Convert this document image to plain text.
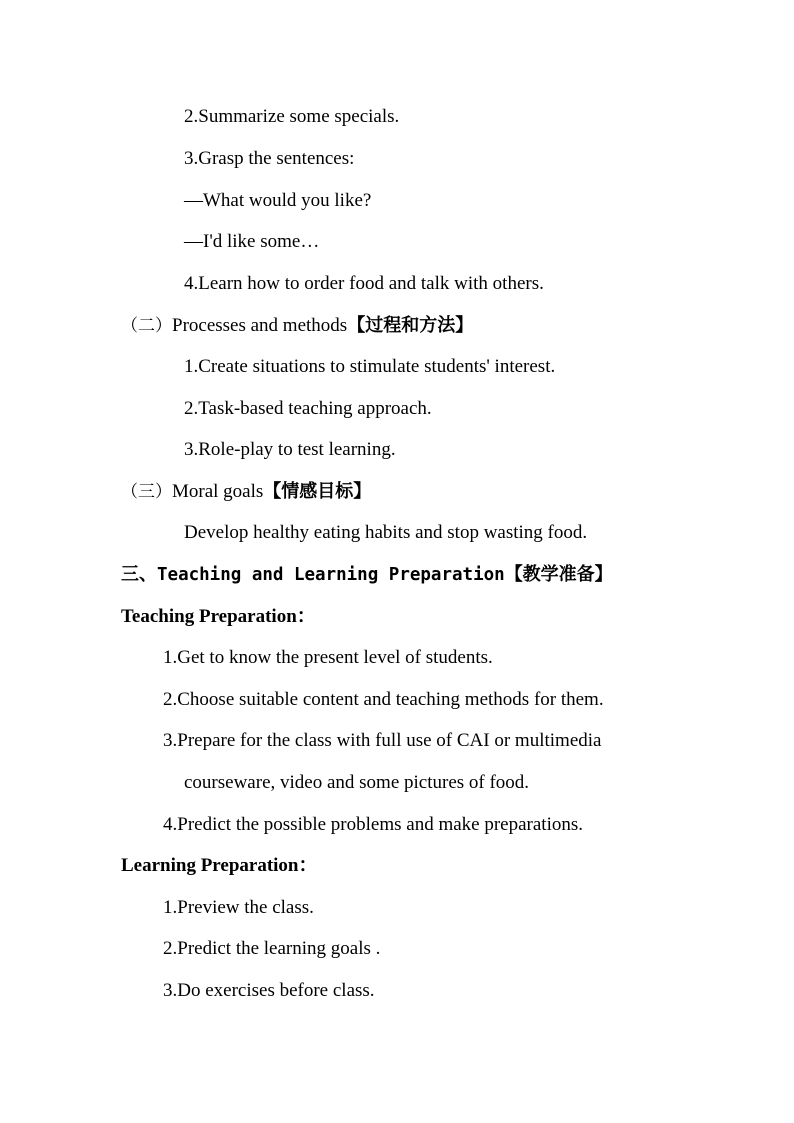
2.Summarize some specials.

3.Grasp the sentences:

—What would you like?

—I'd like some…

4.Learn how to order food and talk with others.

（二）Processes and methods【过程和方法】

1.Create situations to stimulate students' interest.

2.Task-based teaching approach.

3.Role-play to test learning.

（三）Moral goals【情感目标】

Develop healthy eating habits and stop wasting food.

三、Teaching and Learning Preparation【教学准备】

Teaching Preparation：

1.Get to know the present level of students.

2.Choose suitable content and teaching methods for them.

3.Prepare for the class with full use of CAI or multimedia

courseware, video and some pictures of food.

4.Predict the possible problems and make preparations.

Learning Preparation：

1.Preview the class.

2.Predict the learning goals .

3.Do exercises before class.
